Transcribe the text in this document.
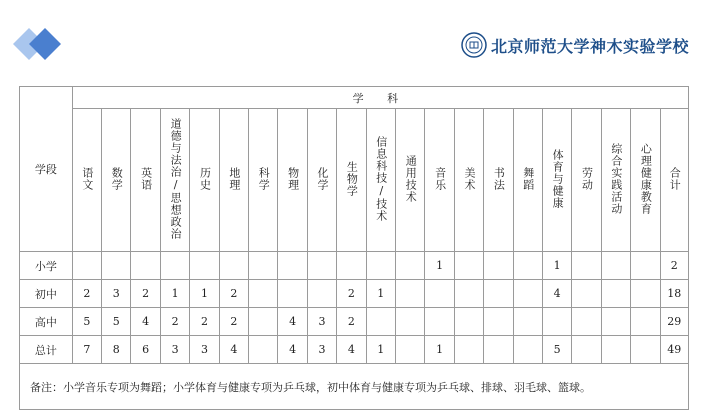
北京师范大学神木实验学校
学段	学 科																				
	语文	数学	英语	道德与法治/思想政治	历史	地理	科学	物理	化学	生物学	信息科技/技术	通用技术	音乐	美术	书法	舞蹈	体育与健康	劳动	综合实践活动	心理健康教育	合计
小学													1				1				2
初中	2	3	2	1	1	2				2	1						4				18
高中	5	5	4	2	2	2		4	3	2											29
总计	7	8	6	3	3	4		4	3	4	1		1				5				49
备注：小学音乐专项为舞蹈；小学体育与健康专项为乒乓球，初中体育与健康专项为乒乓球、排球、羽毛球、篮球。																					
